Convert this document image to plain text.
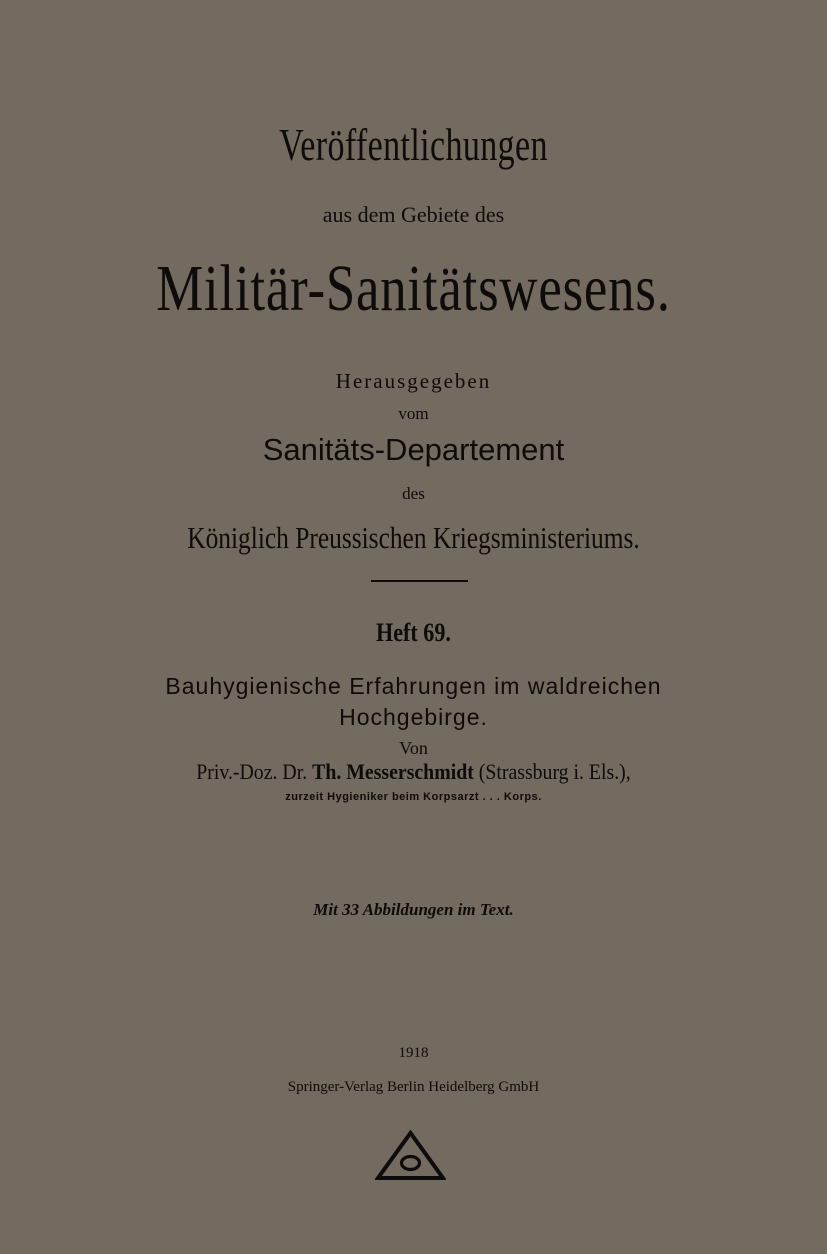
Veröffentlichungen
aus dem Gebiete des
Militär-Sanitätswesens.
Herausgegeben
vom
Sanitäts-Departement
des
Königlich Preussischen Kriegsministeriums.
Heft 69.
Bauhygienische Erfahrungen im waldreichen
Hochgebirge.
Von
Priv.-Doz. Dr. Th. Messerschmidt (Strassburg i. Els.),
zurzeit Hygieniker beim Korpsarzt . . . Korps.
Mit 33 Abbildungen im Text.
1918
Springer-Verlag Berlin Heidelberg GmbH
